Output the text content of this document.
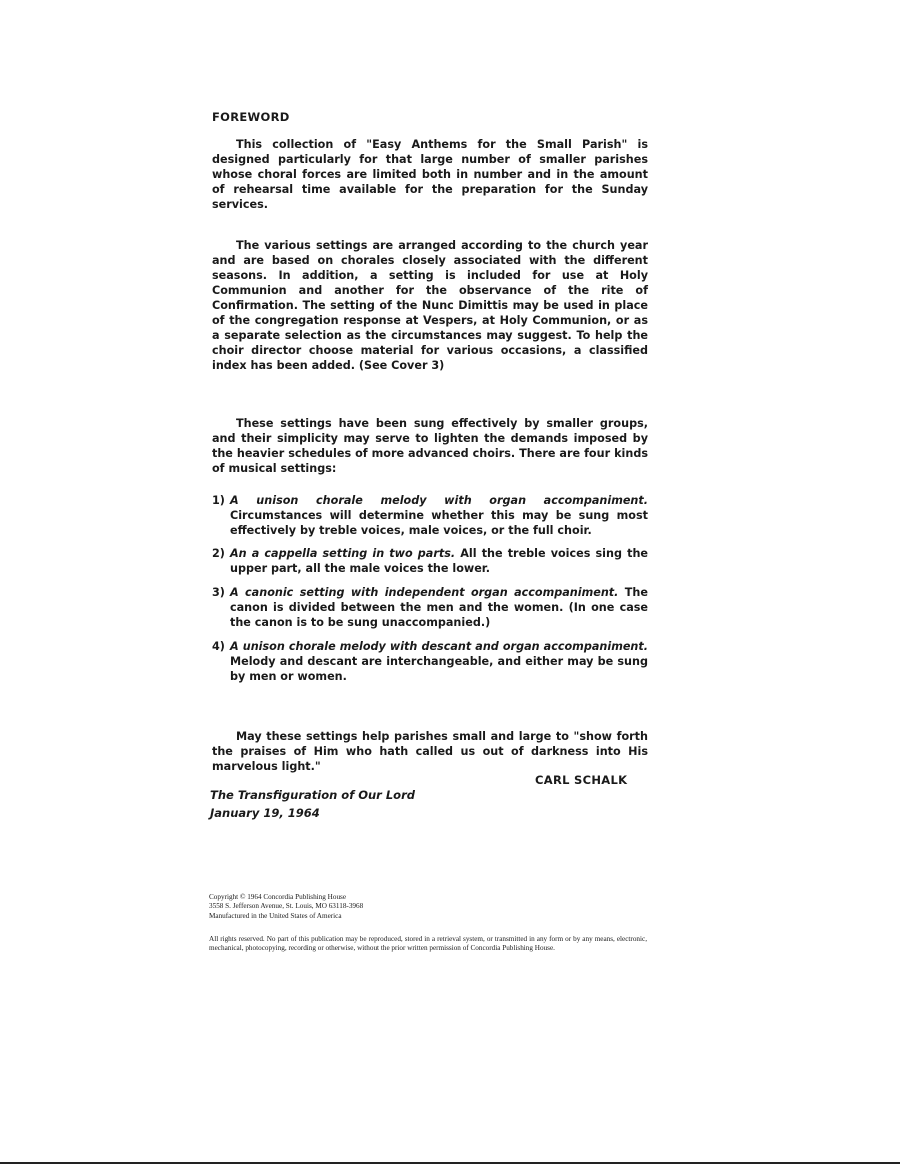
FOREWORD

This collection of "Easy Anthems for the Small Parish" is designed particularly for that large number of smaller parishes whose choral forces are limited both in number and in the amount of rehearsal time available for the preparation for the Sunday services.

The various settings are arranged according to the church year and are based on chorales closely associated with the different seasons. In addition, a setting is included for use at Holy Communion and another for the observance of the rite of Confirmation. The setting of the Nunc Dimittis may be used in place of the congregation response at Vespers, at Holy Communion, or as a separate selection as the circumstances may suggest. To help the choir director choose material for various occasions, a classified index has been added. (See Cover 3)

These settings have been sung effectively by smaller groups, and their simplicity may serve to lighten the demands imposed by the heavier schedules of more advanced choirs. There are four kinds of musical settings:

1) A unison chorale melody with organ accompaniment. Circumstances will determine whether this may be sung most effectively by treble voices, male voices, or the full choir.
2) An a cappella setting in two parts. All the treble voices sing the upper part, all the male voices the lower.
3) A canonic setting with independent organ accompaniment. The canon is divided between the men and the women. (In one case the canon is to be sung unaccompanied.)
4) A unison chorale melody with descant and organ accompaniment. Melody and descant are interchangeable, and either may be sung by men or women.

May these settings help parishes small and large to "show forth the praises of Him who hath called us out of darkness into His marvelous light."

CARL SCHALK
The Transfiguration of Our Lord
January 19, 1964
Copyright © 1964 Concordia Publishing House
3558 S. Jefferson Avenue, St. Louis, MO 63118-3968
Manufactured in the United States of America
All rights reserved. No part of this publication may be reproduced, stored in a retrieval system, or transmitted in any form or by any means, electronic, mechanical, photocopying, recording or otherwise, without the prior written permission of Concordia Publishing House.
